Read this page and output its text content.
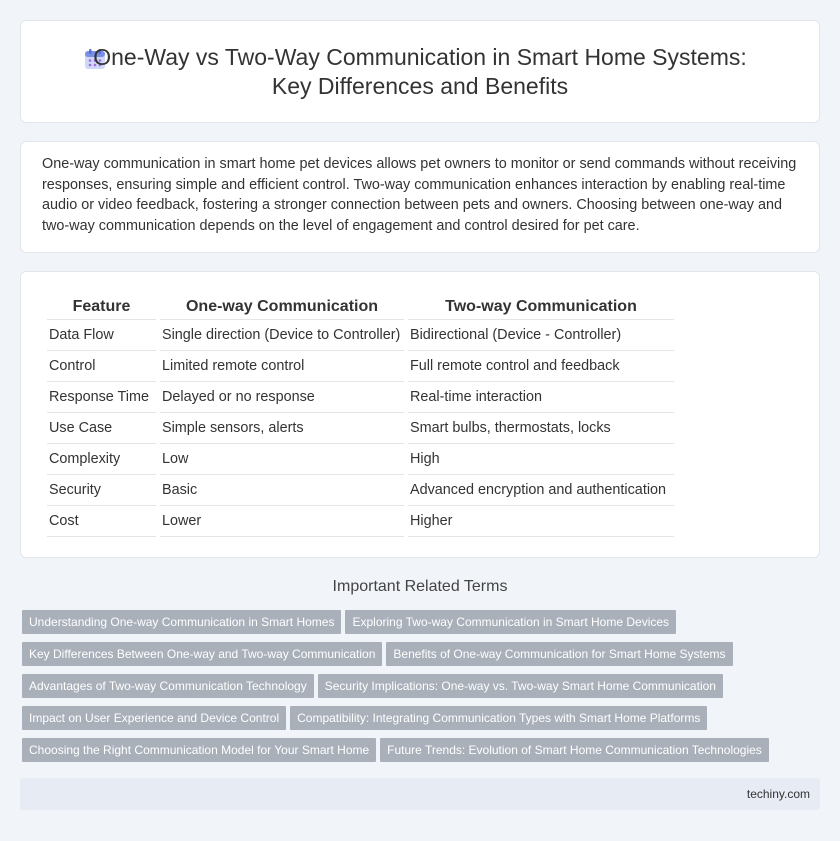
One-Way vs Two-Way Communication in Smart Home Systems:
Key Differences and Benefits

One-way communication in smart home pet devices allows pet owners to monitor or send commands without receiving responses, ensuring simple and efficient control. Two-way communication enhances interaction by enabling real-time audio or video feedback, fostering a stronger connection between pets and owners. Choosing between one-way and two-way communication depends on the level of engagement and control desired for pet care.

Feature	One-way Communication	Two-way Communication
Data Flow	Single direction (Device to Controller)	Bidirectional (Device - Controller)
Control	Limited remote control	Full remote control and feedback
Response Time	Delayed or no response	Real-time interaction
Use Case	Simple sensors, alerts	Smart bulbs, thermostats, locks
Complexity	Low	High
Security	Basic	Advanced encryption and authentication
Cost	Lower	Higher
Important Related Terms
Understanding One-way Communication in Smart Homes Exploring Two-way Communication in Smart Home Devices
Key Differences Between One-way and Two-way Communication Benefits of One-way Communication for Smart Home Systems
Advantages of Two-way Communication Technology Security Implications: One-way vs. Two-way Smart Home Communication
Impact on User Experience and Device Control Compatibility: Integrating Communication Types with Smart Home Platforms
Choosing the Right Communication Model for Your Smart Home Future Trends: Evolution of Smart Home Communication Technologies
techiny.com
